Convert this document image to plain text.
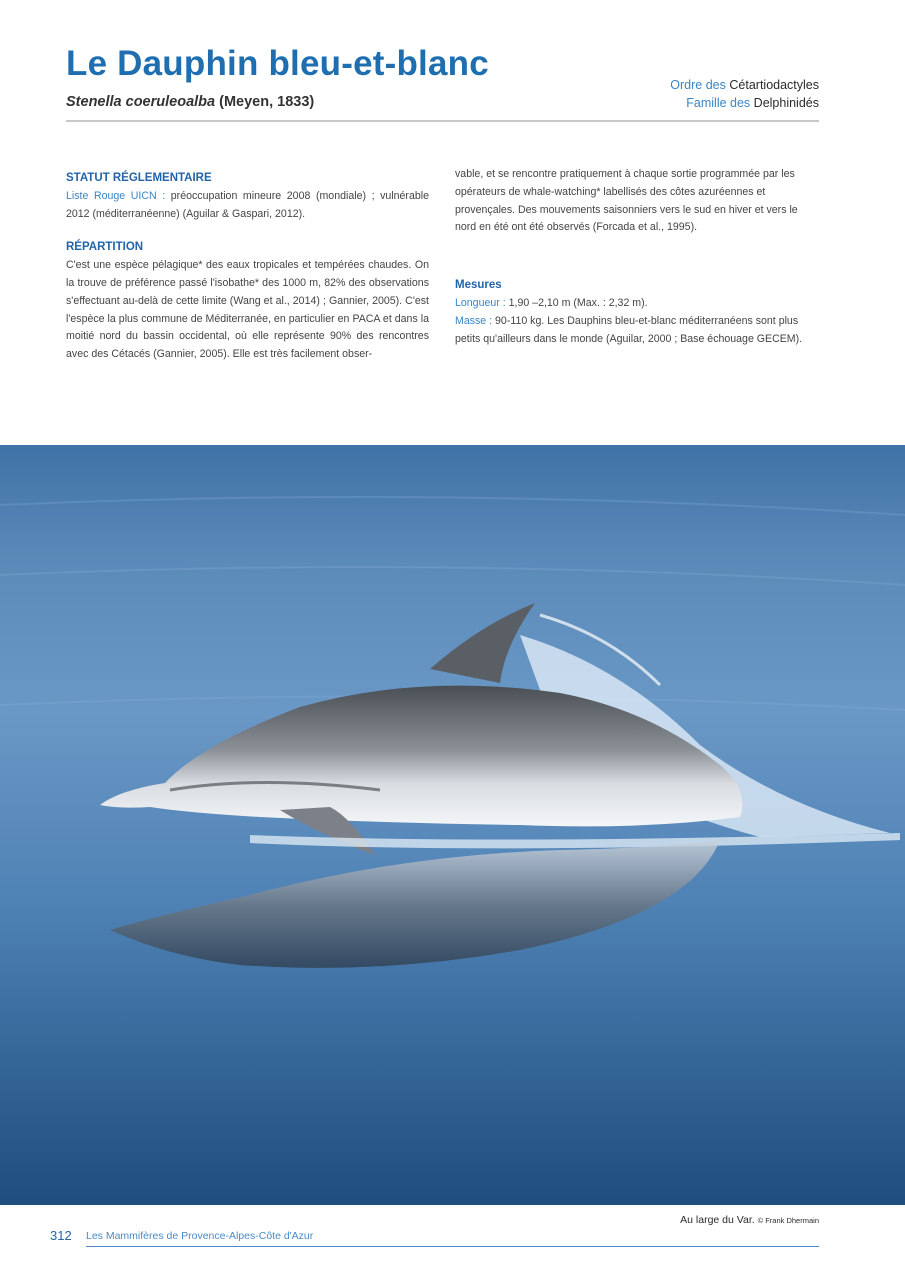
Le Dauphin bleu-et-blanc
Stenella coeruleoalba (Meyen, 1833)
Ordre des Cétartiodactyles
Famille des Delphinidés
STATUT RÉGLEMENTAIRE

Liste Rouge UICN : préoccupation mineure 2008 (mondiale) ; vulnérable 2012 (méditerranéenne) (Aguilar & Gaspari, 2012).

RÉPARTITION

C'est une espèce pélagique* des eaux tropicales et tempérées chaudes. On la trouve de préférence passé l'isobathe* des 1000 m, 82% des observations s'effectuant au-delà de cette limite (Wang et al., 2014) ; Gannier, 2005). C'est l'espèce la plus commune de Méditerranée, en particulier en PACA et dans la moitié nord du bassin occidental, où elle représente 90% des rencontres avec des Cétacés (Gannier, 2005). Elle est très facilement obser-

vable, et se rencontre pratiquement à chaque sortie programmée par les opérateurs de whale-watching* labellisés des côtes azuréennes et provençales. Des mouvements saisonniers vers le sud en hiver et vers le nord en été ont été observés (Forcada et al., 1995).

Mesures

Longueur : 1,90 –2,10 m (Max. : 2,32 m).

Masse : 90-110 kg. Les Dauphins bleu-et-blanc méditerranéens sont plus petits qu'ailleurs dans le monde (Aguilar, 2000 ; Base échouage GECEM).

Au large du Var. © Frank Dhermain
312 Les Mammifères de Provence-Alpes-Côte d'Azur
